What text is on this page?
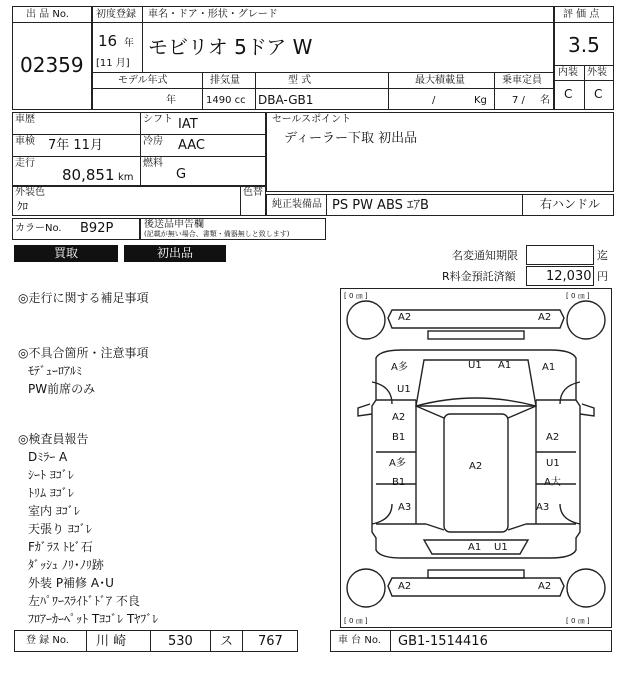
出 品 No.
02359
初度登録
16 年
[11 月]
車名・ドア・形状・グレード
モビリオ 5ドア W
評 価 点
3.5
内装 外装
C C
モデル年式
年
排気量
1490 cc
型 式
DBA-GB1
最大積載量
/	Kg
乗車定員
7 / 名
車歴
車検 7年 11月
走行
80,851 km
シフト IAT
冷房 AAC
燃料
G
セールスポイント
ディーラー下取 初出品
外装色
ｸﾛ
色替
純正装備品 PS PW ABS ｴｱB	右ハンドル
カラーNo. B92P	後送品申告欄
(記載が無い場合、書類・備器無しと致します)
買取	初出品	名変通知期限	迄
R料金預託済額 12,030 円
◎走行に関する補足事項
◎不具合箇所・注意事項
ﾓﾃﾞｭｰﾛｱﾙﾐ
PW前席のみ
◎検査員報告
Dﾐﾗｰ A
ｼｰﾄ ﾖｺﾞﾚ
ﾄﾘﾑ ﾖｺﾞﾚ
室内 ﾖｺﾞﾚ
天張り ﾖｺﾞﾚ
Fｶﾞﾗｽ ﾄﾋﾞ石
ﾀﾞｯｼｭ ﾉﾘ･ﾉﾘ跡
外装 P補修 A･U
左ﾊﾟﾜｰｽﾗｲﾄﾞﾄﾞｱ 不良
ﾌﾛｱｰｶｰﾍﾟｯﾄ Tﾖｺﾞﾚ Tﾔﾌﾞﾚ
[ 0 ㎝ ]	[ 0 ㎝ ]
[ 0 ㎝ ]	[ 0 ㎝ ]
A2	A2
U1 A1
A多
U1
A1
A2
B1	A2
A多
B1
U1
A大
A2
A3	A3
A1 U1
A2	A2
登 録 No. 川 崎	530 ス 767	車 台 No. GB1-1514416
